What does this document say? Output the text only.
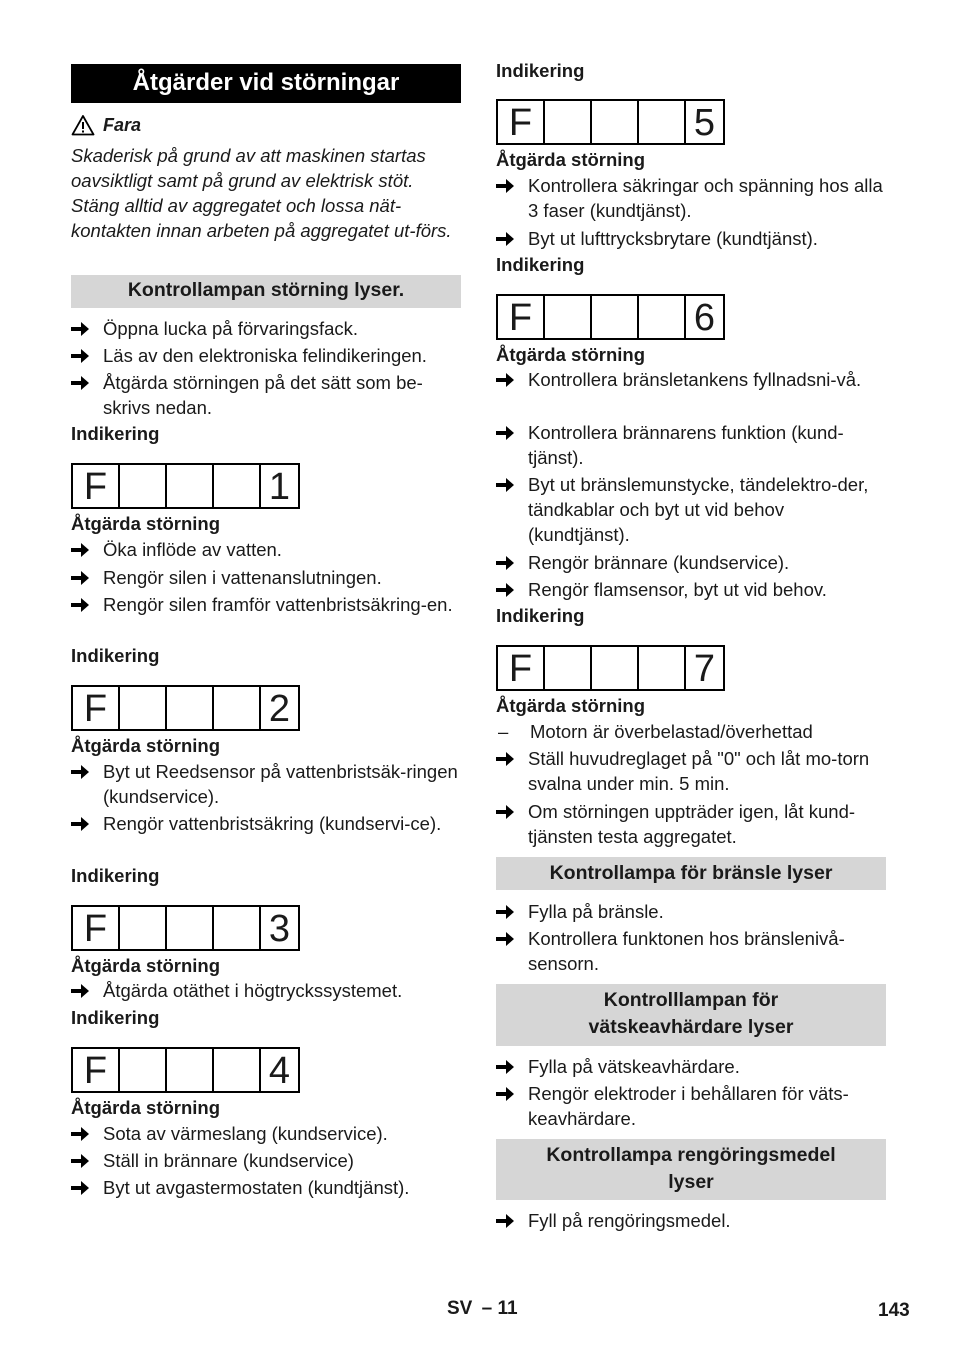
Åtgärder vid störningar
Fara
Skaderisk på grund av att maskinen startas oavsiktligt samt på grund av elektrisk stöt. Stäng alltid av aggregatet och lossa nät-kontakten innan arbeten på aggregatet ut-förs.
Kontrollampan störning lyser.
Öppna lucka på förvaringsfack.
Läs av den elektroniska felindikeringen.
Åtgärda störningen på det sätt som be-skrivs nedan.
Indikering
F	1
Åtgärda störning
Öka inflöde av vatten.
Rengör silen i vattenanslutningen.
Rengör silen framför vattenbristsäkring-en.
Indikering
F	2
Åtgärda störning
Byt ut Reedsensor på vattenbristsäk-ringen (kundservice).
Rengör vattenbristsäkring (kundservi-ce).
Indikering
F	3
Åtgärda störning
Åtgärda otäthet i högtryckssystemet.
Indikering
F	4
Åtgärda störning
Sota av värmeslang (kundservice).
Ställ in brännare (kundservice)
Byt ut avgastermostaten (kundtjänst).
Indikering
F	5
Åtgärda störning
Kontrollera säkringar och spänning hos alla 3 faser (kundtjänst).
Byt ut lufttrycksbrytare (kundtjänst).
Indikering
F	6
Åtgärda störning
Kontrollera bränsletankens fyllnadsni-vå.
Kontrollera brännarens funktion (kund-tjänst).
Byt ut bränslemunstycke, tändelektro-der, tändkablar och byt ut vid behov (kundtjänst).
Rengör brännare (kundservice).
Rengör flamsensor, byt ut vid behov.
Indikering
F	7
Åtgärda störning
–	Motorn är överbelastad/överhettad
Ställ huvudreglaget på "0" och låt mo-torn svalna under min. 5 min.
Om störningen uppträder igen, låt kund-tjänsten testa aggregatet.
Kontrollampa för bränsle lyser
Fylla på bränsle.
Kontrollera funktonen hos bränslenivå-sensorn.
Kontrolllampan för
vätskeavhärdare lyser
Fylla på vätskeavhärdare.
Rengör elektroder i behållaren för väts-keavhärdare.
Kontrollampa rengöringsmedel
lyser
Fyll på rengöringsmedel.
SV – 11	143
